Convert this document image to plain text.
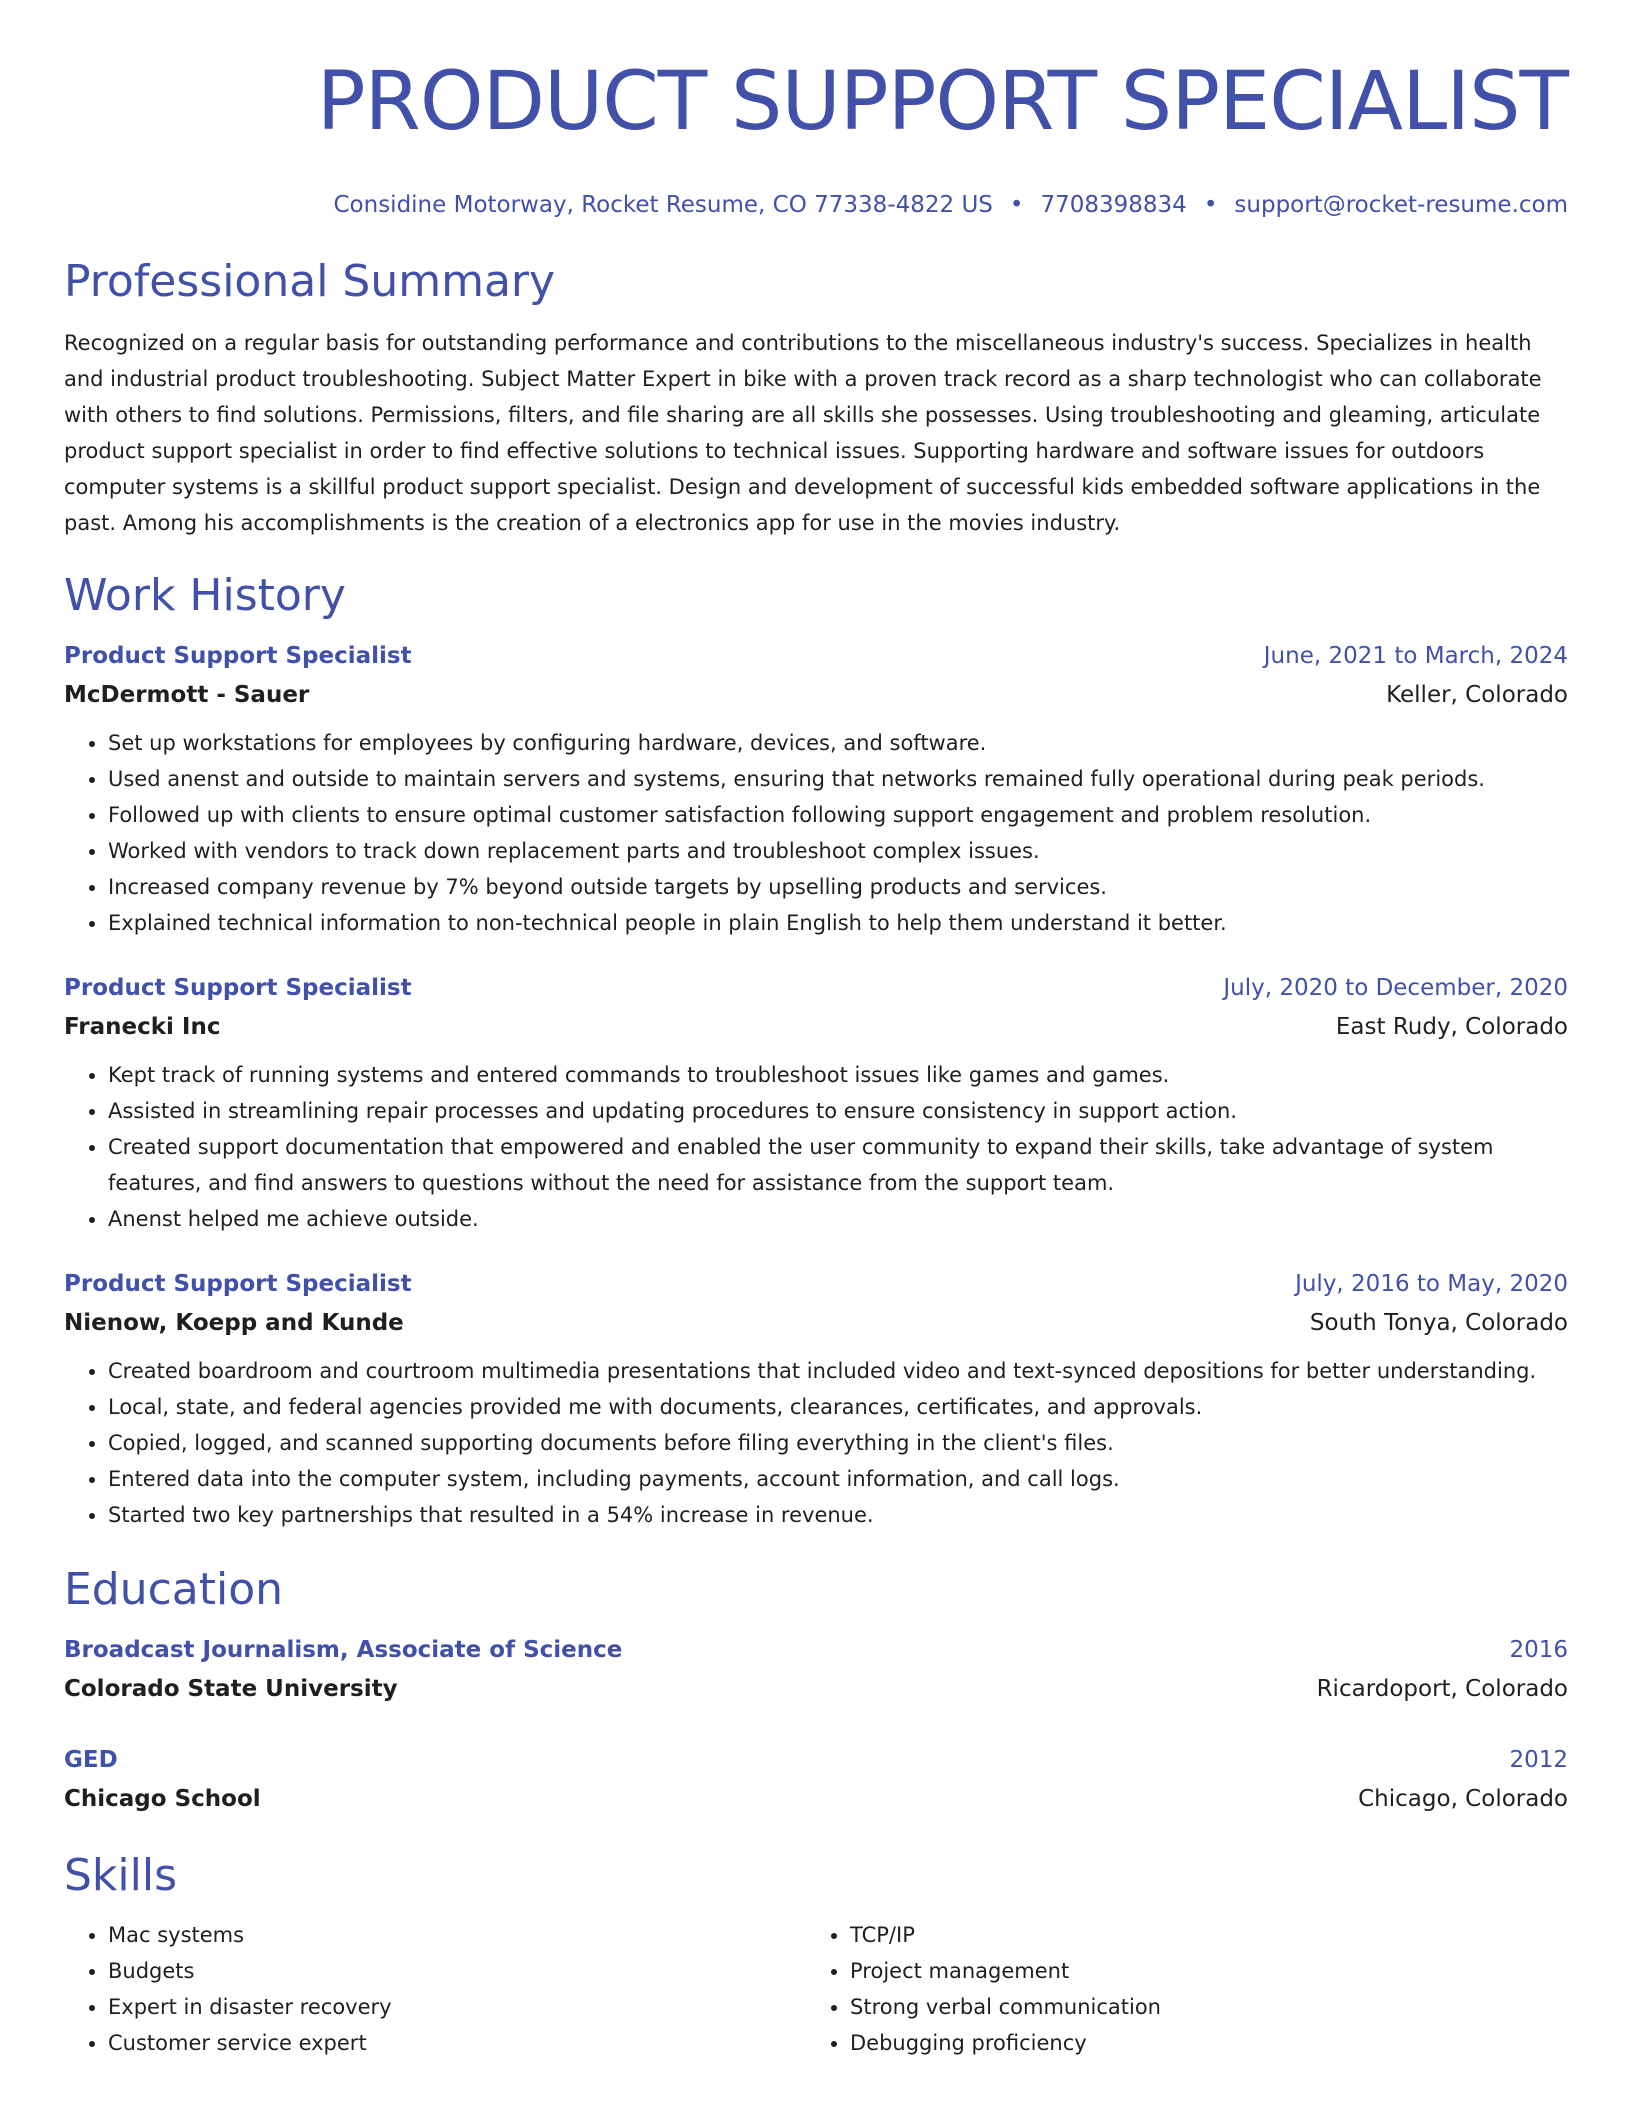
PRODUCT SUPPORT SPECIALIST
Considine Motorway, Rocket Resume, CO 77338-4822 US • 7708398834 • support@rocket-resume.com
Professional Summary

Recognized on a regular basis for outstanding performance and contributions to the miscellaneous industry's success. Specializes in health and industrial product troubleshooting. Subject Matter Expert in bike with a proven track record as a sharp technologist who can collaborate with others to find solutions. Permissions, filters, and file sharing are all skills she possesses. Using troubleshooting and gleaming, articulate product support specialist in order to find effective solutions to technical issues. Supporting hardware and software issues for outdoors computer systems is a skillful product support specialist. Design and development of successful kids embedded software applications in the past. Among his accomplishments is the creation of a electronics app for use in the movies industry.

Work History
Product Support Specialist	June, 2021 to March, 2024
McDermott - Sauer	Keller, Colorado
• Set up workstations for employees by configuring hardware, devices, and software.
• Used anenst and outside to maintain servers and systems, ensuring that networks remained fully operational during peak periods.
• Followed up with clients to ensure optimal customer satisfaction following support engagement and problem resolution.
• Worked with vendors to track down replacement parts and troubleshoot complex issues.
• Increased company revenue by 7% beyond outside targets by upselling products and services.
• Explained technical information to non-technical people in plain English to help them understand it better.
Product Support Specialist	July, 2020 to December, 2020
Franecki Inc	East Rudy, Colorado
• Kept track of running systems and entered commands to troubleshoot issues like games and games.
• Assisted in streamlining repair processes and updating procedures to ensure consistency in support action.
• Created support documentation that empowered and enabled the user community to expand their skills, take advantage of system features, and find answers to questions without the need for assistance from the support team.
• Anenst helped me achieve outside.
Product Support Specialist	July, 2016 to May, 2020
Nienow, Koepp and Kunde	South Tonya, Colorado
• Created boardroom and courtroom multimedia presentations that included video and text-synced depositions for better understanding.
• Local, state, and federal agencies provided me with documents, clearances, certificates, and approvals.
• Copied, logged, and scanned supporting documents before filing everything in the client's files.
• Entered data into the computer system, including payments, account information, and call logs.
• Started two key partnerships that resulted in a 54% increase in revenue.
Education
Broadcast Journalism, Associate of Science	2016
Colorado State University	Ricardoport, Colorado
GED	2012
Chicago School	Chicago, Colorado
Skills
• Mac systems
• Budgets
• Expert in disaster recovery
• Customer service expert
• TCP/IP
• Project management
• Strong verbal communication
• Debugging proficiency
